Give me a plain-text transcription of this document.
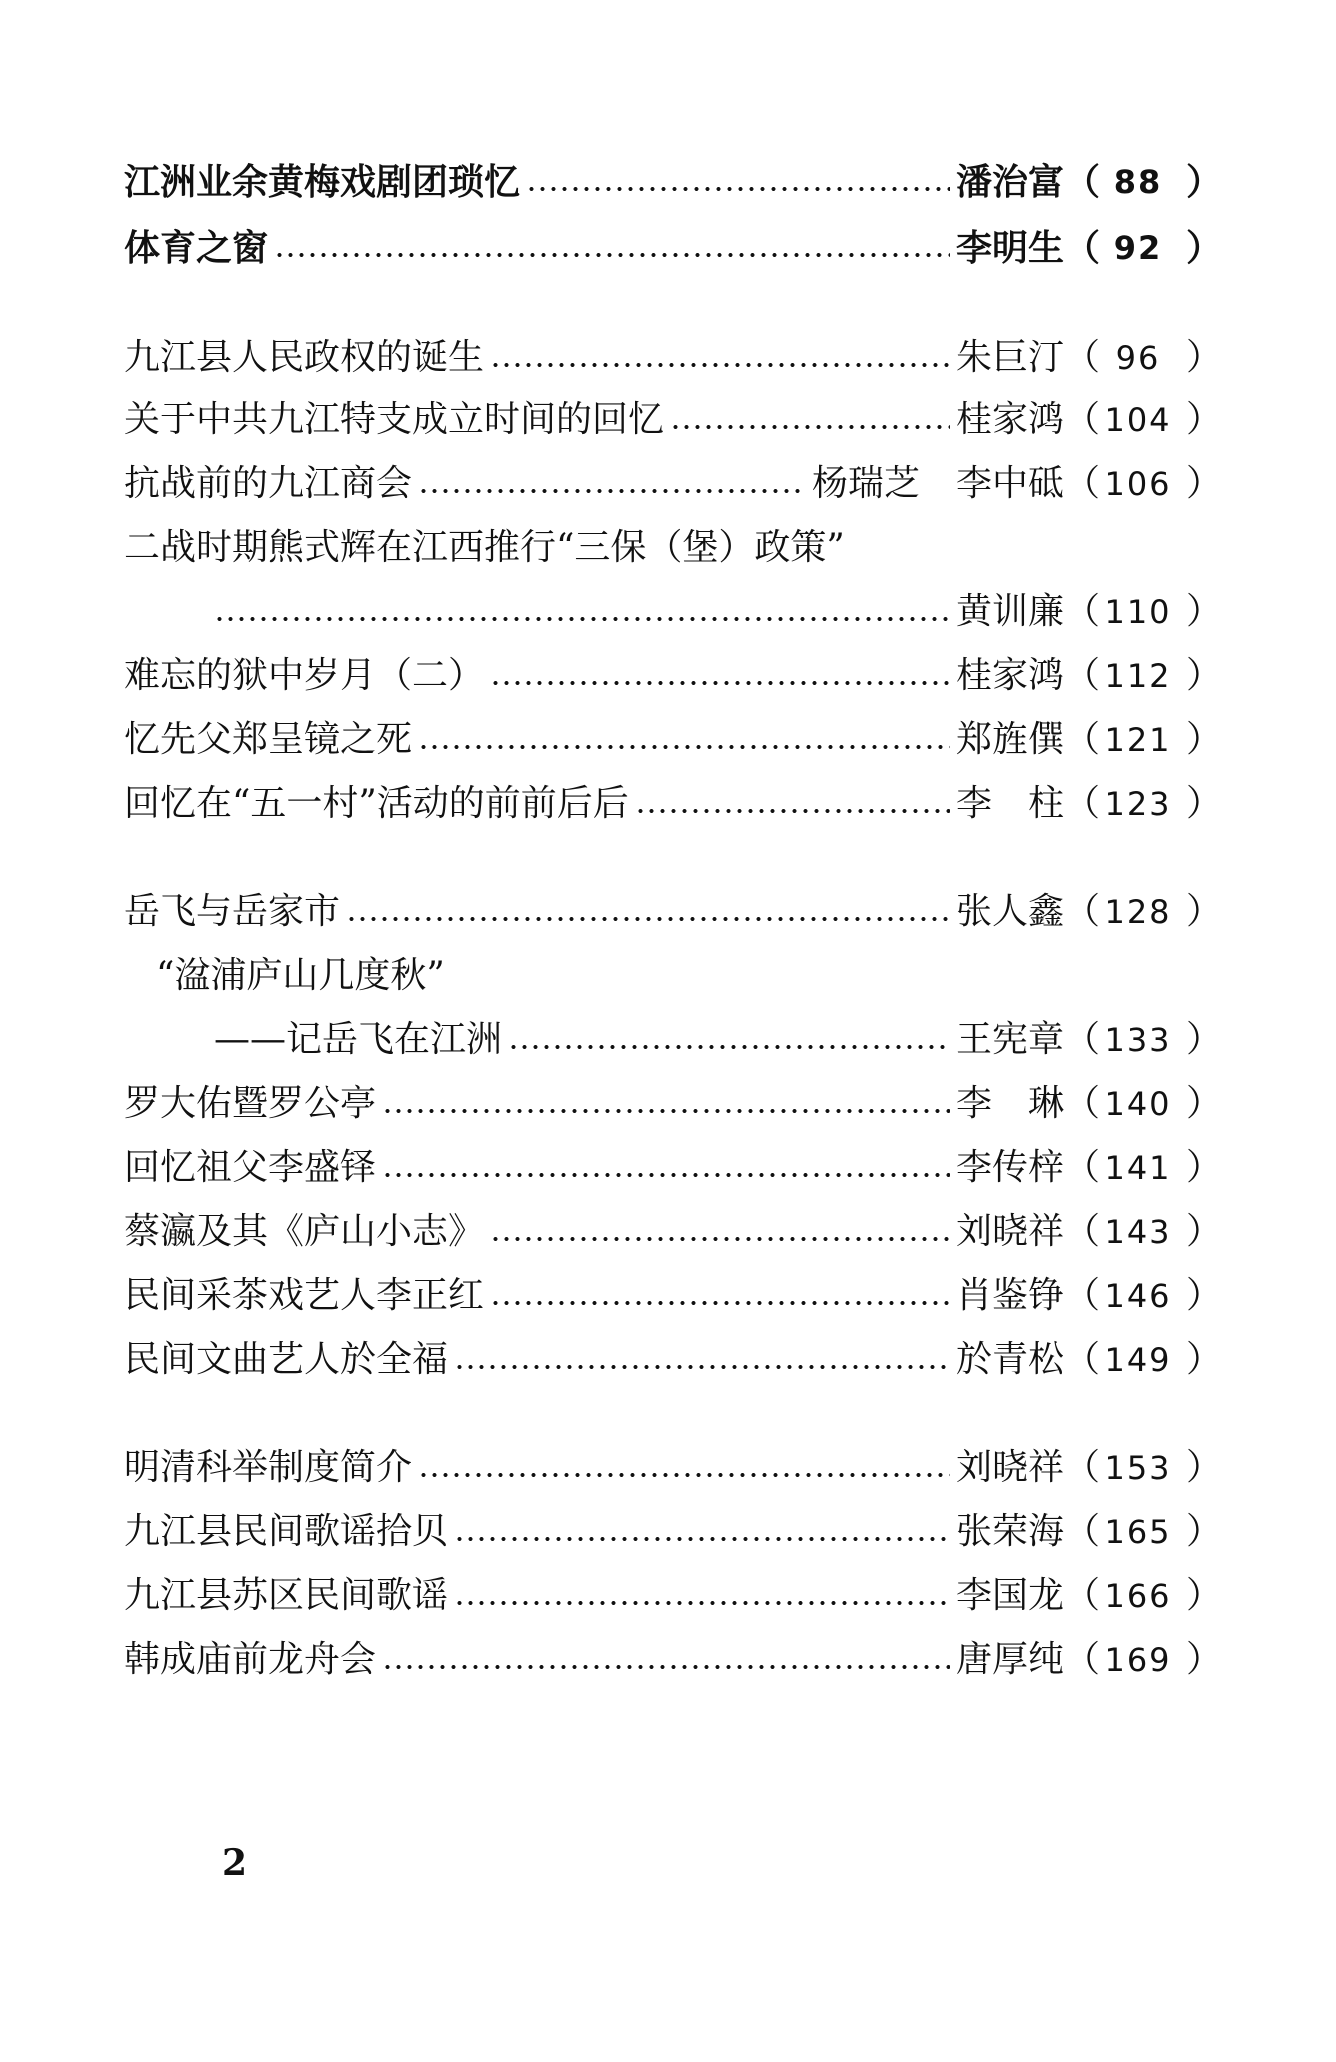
江洲业余黄梅戏剧团琐忆	潘治富 （ 88 ）
体育之窗	李明生 （ 92 ）
九江县人民政权的诞生	朱巨汀 （ 96 ）
关于中共九江特支成立时间的回忆	桂家鸿 （ 104 ）
抗战前的九江商会	杨瑞芝　李中砥 （ 106 ）
二战时期熊式辉在江西推行“三保（堡）政策”
黄训廉 （ 110 ）
难忘的狱中岁月（二）	桂家鸿 （ 112 ）
忆先父郑呈镜之死	郑旌僎 （ 121 ）
回忆在“五一村”活动的前前后后	李　柱 （ 123 ）
岳飞与岳家市	张人鑫 （ 128 ）
“湓浦庐山几度秋”
——记岳飞在江洲	王宪章 （ 133 ）
罗大佑暨罗公亭	李　琳 （ 140 ）
回忆祖父李盛铎	李传梓 （ 141 ）
蔡瀛及其《庐山小志》	刘晓祥 （ 143 ）
民间采茶戏艺人李正红	肖鉴铮 （ 146 ）
民间文曲艺人於全福	於青松 （ 149 ）
明清科举制度简介	刘晓祥 （ 153 ）
九江县民间歌谣拾贝	张荣海 （ 165 ）
九江县苏区民间歌谣	李国龙 （ 166 ）
韩成庙前龙舟会	唐厚纯 （ 169 ）
2
